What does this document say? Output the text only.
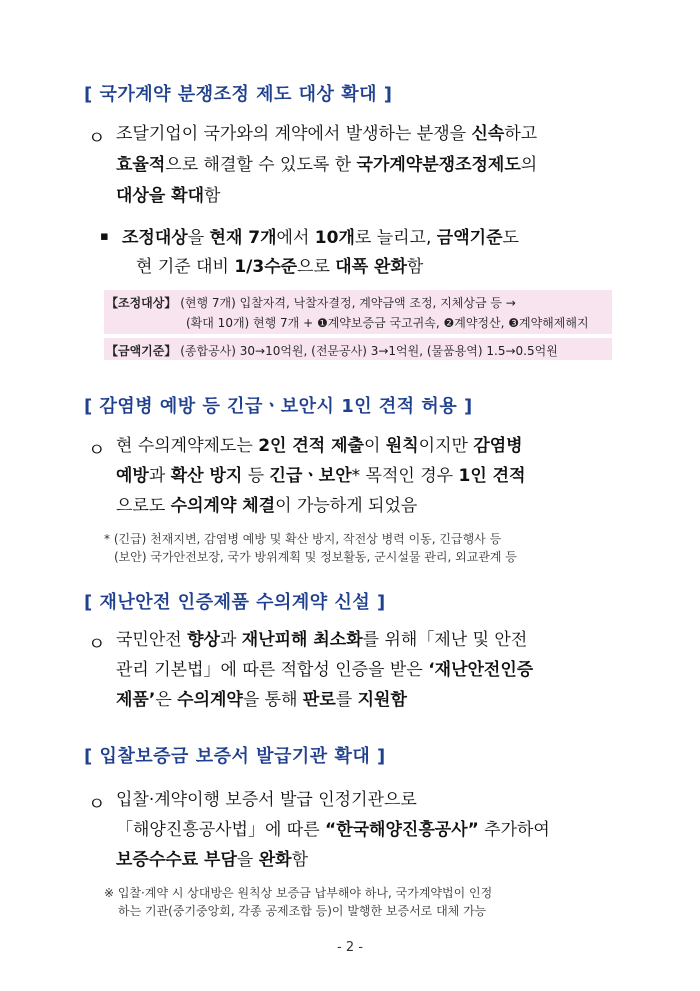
[ 국가계약 분쟁조정 제도 대상 확대 ]
ㅇ 조달기업이 국가와의 계약에서 발생하는 분쟁을 신속하고
효율적으로 해결할 수 있도록 한 국가계약분쟁조정제도의
대상을 확대함
▪ 조정대상을 현재 7개에서 10개로 늘리고, 금액기준도
현 기준 대비 1/3수준으로 대폭 완화함
【조정대상】 (현행 7개) 입찰자격, 낙찰자결정, 계약금액 조정, 지체상금 등 →
(확대 10개) 현행 7개 + ❶계약보증금 국고귀속, ❷계약정산, ❸계약해제해지
【금액기준】 (종합공사) 30→10억원, (전문공사) 3→1억원, (물품용역) 1.5→0.5억원
[ 감염병 예방 등 긴급ㆍ보안시 1인 견적 허용 ]
ㅇ 현 수의계약제도는 2인 견적 제출이 원칙이지만 감염병
예방과 확산 방지 등 긴급ㆍ보안* 목적인 경우 1인 견적
으로도 수의계약 체결이 가능하게 되었음
* (긴급) 천재지변, 감염병 예방 및 확산 방지, 작전상 병력 이동, 긴급행사 등
(보안) 국가안전보장, 국가 방위계획 및 정보활동, 군시설물 관리, 외교관계 등
[ 재난안전 인증제품 수의계약 신설 ]
ㅇ 국민안전 향상과 재난피해 최소화를 위해「제난 및 안전
관리 기본법」에 따른 적합성 인증을 받은 ‘재난안전인증
제품’은 수의계약을 통해 판로를 지원함
[ 입찰보증금 보증서 발급기관 확대 ]
ㅇ 입찰·계약이행 보증서 발급 인정기관으로
「해양진흥공사법」에 따른 “한국해양진흥공사” 추가하여
보증수수료 부담을 완화함
※ 입찰·계약 시 상대방은 원칙상 보증금 납부해야 하나, 국가계약법이 인정
하는 기관(중기중앙회, 각종 공제조합 등)이 발행한 보증서로 대체 가능
- 2 -
